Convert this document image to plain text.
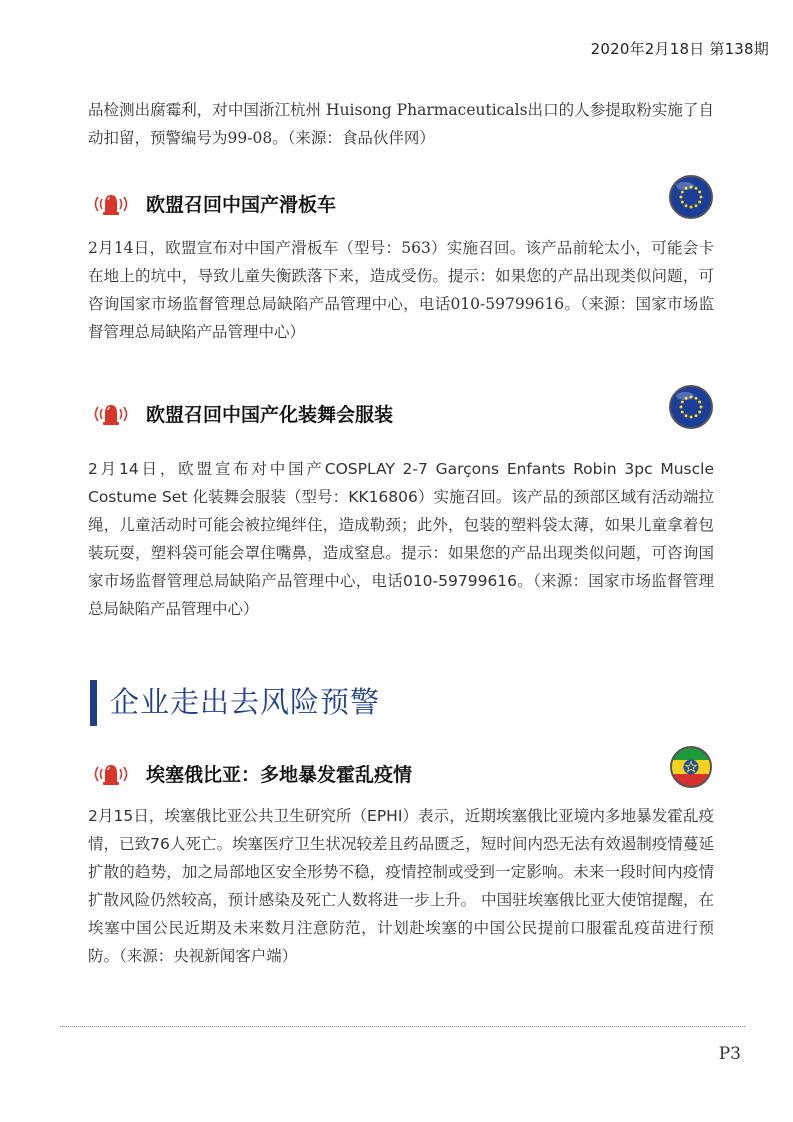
2020年2月18日 第138期

品检测出腐霉利，对中国浙江杭州 Huisong Pharmaceuticals出口的人参提取粉实施了自动扣留，预警编号为99-08。（来源：食品伙伴网）

欧盟召回中国产滑板车

2月14日，欧盟宣布对中国产滑板车（型号：563）实施召回。该产品前轮太小，可能会卡在地上的坑中，导致儿童失衡跌落下来，造成受伤。提示：如果您的产品出现类似问题，可咨询国家市场监督管理总局缺陷产品管理中心，电话010-59799616。（来源：国家市场监督管理总局缺陷产品管理中心）

欧盟召回中国产化装舞会服装

2月14日，欧盟宣布对中国产COSPLAY 2-7 Garçons Enfants Robin 3pc Muscle Costume Set 化装舞会服装（型号：KK16806）实施召回。该产品的颈部区域有活动端拉绳，儿童活动时可能会被拉绳绊住，造成勒颈；此外，包装的塑料袋太薄，如果儿童拿着包装玩耍，塑料袋可能会罩住嘴鼻，造成窒息。提示：如果您的产品出现类似问题，可咨询国家市场监督管理总局缺陷产品管理中心，电话010-59799616。（来源：国家市场监督管理总局缺陷产品管理中心）

企业走出去风险预警
埃塞俄比亚：多地暴发霍乱疫情

2月15日，埃塞俄比亚公共卫生研究所（EPHI）表示，近期埃塞俄比亚境内多地暴发霍乱疫情，已致76人死亡。埃塞医疗卫生状况较差且药品匮乏，短时间内恐无法有效遏制疫情蔓延扩散的趋势，加之局部地区安全形势不稳，疫情控制或受到一定影响。未来一段时间内疫情扩散风险仍然较高，预计感染及死亡人数将进一步上升。 中国驻埃塞俄比亚大使馆提醒，在埃塞中国公民近期及未来数月注意防范，计划赴埃塞的中国公民提前口服霍乱疫苗进行预防。（来源：央视新闻客户端）

P3
